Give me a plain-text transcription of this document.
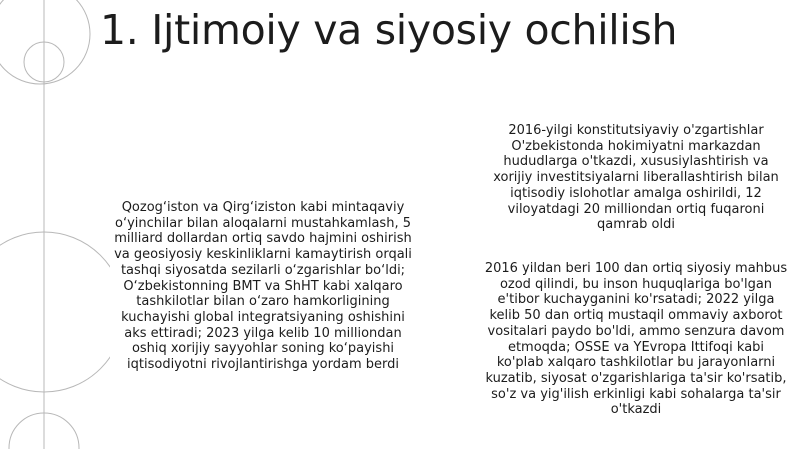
1. Ijtimoiy va siyosiy ochilish
Qozog‘iston va Qirg‘iziston kabi mintaqaviy
o‘yinchilar bilan aloqalarni mustahkamlash, 5
milliard dollardan ortiq savdo hajmini oshirish
va geosiyosiy keskinliklarni kamaytirish orqali
tashqi siyosatda sezilarli o‘zgarishlar bo‘ldi;
O‘zbekistonning BMT va ShHT kabi xalqaro
tashkilotlar bilan o‘zaro hamkorligining
kuchayishi global integratsiyaning oshishini
aks ettiradi; 2023 yilga kelib 10 milliondan
oshiq xorijiy sayyohlar soning ko‘payishi
iqtisodiyotni rivojlantirishga yordam berdi
2016-yilgi konstitutsiyaviy o'zgartishlar
O'zbekistonda hokimiyatni markazdan
hududlarga o'tkazdi, xususiylashtirish va
xorijiy investitsiyalarni liberallashtirish bilan
iqtisodiy islohotlar amalga oshirildi, 12
viloyatdagi 20 milliondan ortiq fuqaroni
qamrab oldi
2016 yildan beri 100 dan ortiq siyosiy mahbus
ozod qilindi, bu inson huquqlariga bo'lgan
e'tibor kuchayganini ko'rsatadi; 2022 yilga
kelib 50 dan ortiq mustaqil ommaviy axborot
vositalari paydo bo'ldi, ammo senzura davom
etmoqda; OSSE va YEvropa Ittifoqi kabi
ko'plab xalqaro tashkilotlar bu jarayonlarni
kuzatib, siyosat o'zgarishlariga ta'sir ko'rsatib,
so'z va yig'ilish erkinligi kabi sohalarga ta'sir
o'tkazdi
